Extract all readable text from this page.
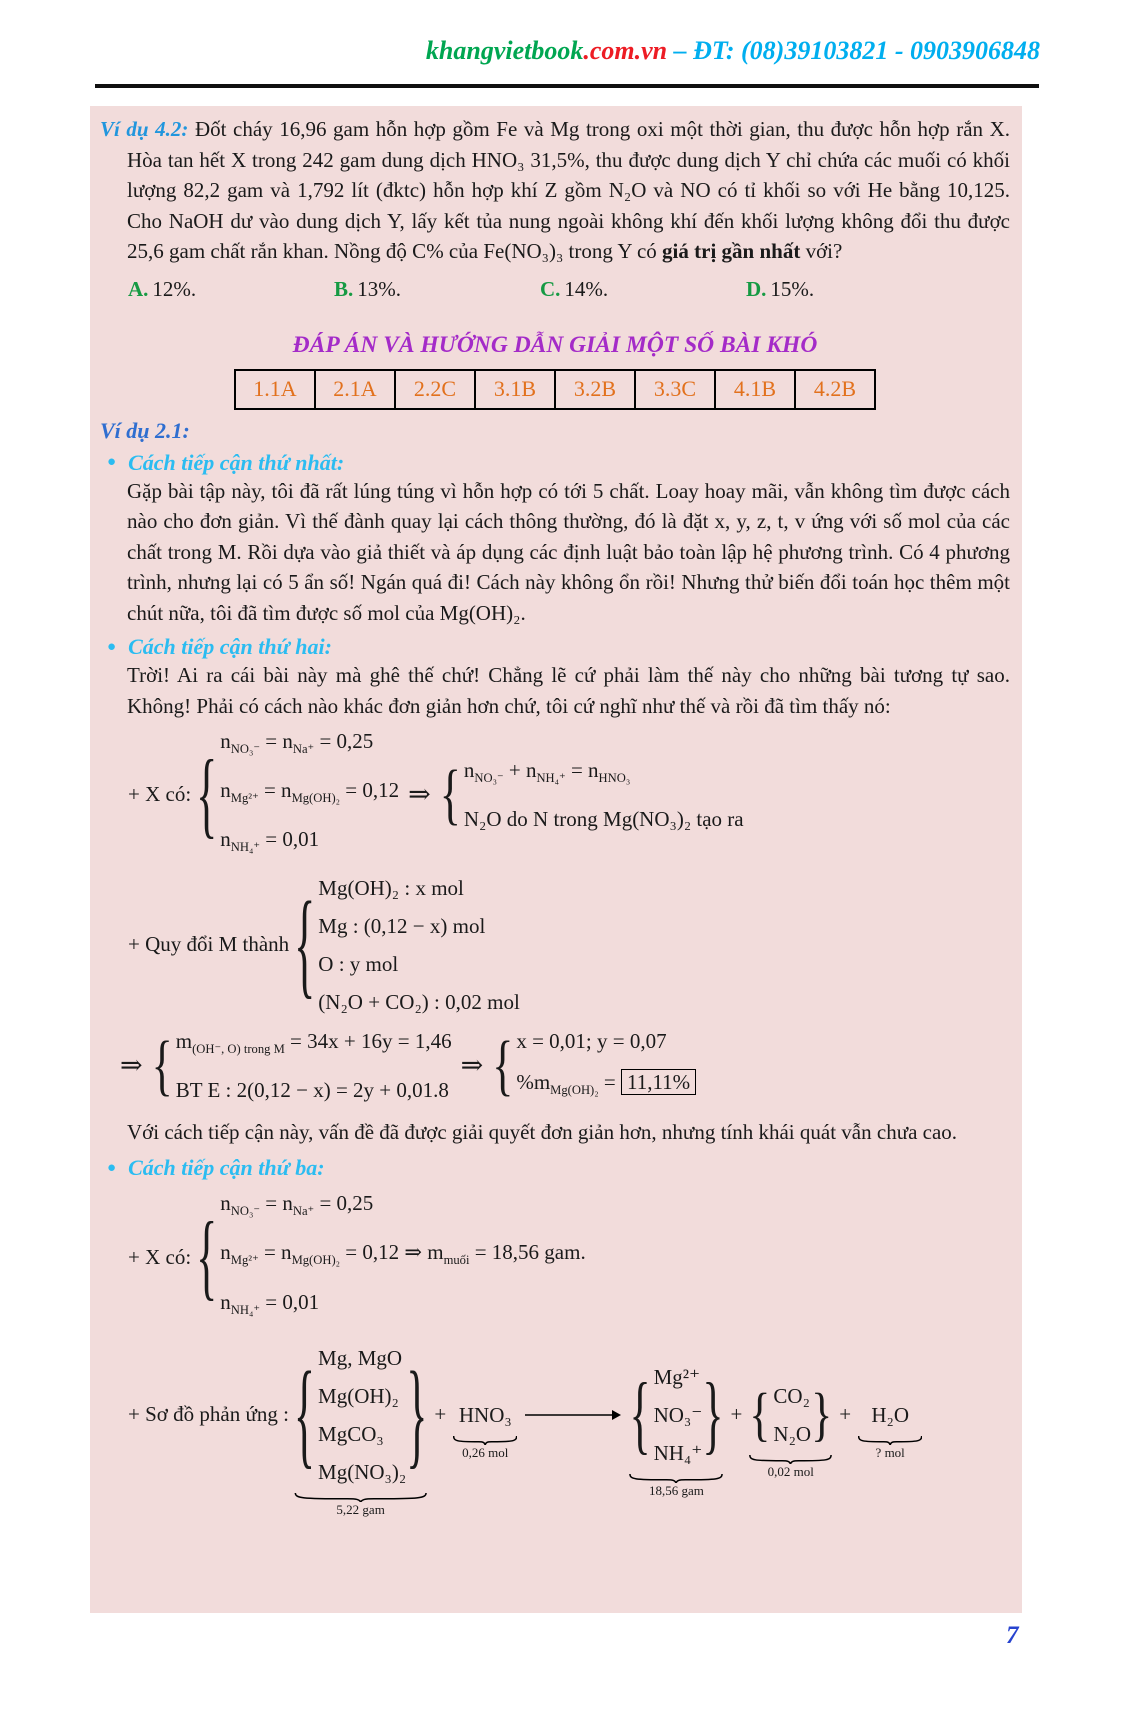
khangvietbook.com.vn – ĐT: (08)39103821 - 0903906848

Ví dụ 4.2: Đốt cháy 16,96 gam hỗn hợp gồm Fe và Mg trong oxi một thời gian, thu được hỗn hợp rắn X. Hòa tan hết X trong 242 gam dung dịch HNO₃ 31,5%, thu được dung dịch Y chỉ chứa các muối có khối lượng 82,2 gam và 1,792 lít (đktc) hỗn hợp khí Z gồm N₂O và NO có tỉ khối so với He bằng 10,125. Cho NaOH dư vào dung dịch Y, lấy kết tủa nung ngoài không khí đến khối lượng không đổi thu được 25,6 gam chất rắn khan. Nồng độ C% của Fe(NO₃)₃ trong Y có giá trị gần nhất với?

A. 12%.	B. 13%.	C. 14%.	D. 15%.
ĐÁP ÁN VÀ HƯỚNG DẪN GIẢI MỘT SỐ BÀI KHÓ
1.1A	2.1A	2.2C	3.1B	3.2B	3.3C	4.1B	4.2B
Ví dụ 2.1:
● Cách tiếp cận thứ nhất:

Gặp bài tập này, tôi đã rất lúng túng vì hỗn hợp có tới 5 chất. Loay hoay mãi, vẫn không tìm được cách nào cho đơn giản. Vì thế đành quay lại cách thông thường, đó là đặt x, y, z, t, v ứng với số mol của các chất trong M. Rồi dựa vào giả thiết và áp dụng các định luật bảo toàn lập hệ phương trình. Có 4 phương trình, nhưng lại có 5 ẩn số! Ngán quá đi! Cách này không ổn rồi! Nhưng thử biến đổi toán học thêm một chút nữa, tôi đã tìm được số mol của Mg(OH)₂.

● Cách tiếp cận thứ hai:

Trời! Ai ra cái bài này mà ghê thế chứ! Chẳng lẽ cứ phải làm thế này cho những bài tương tự sao. Không! Phải có cách nào khác đơn giản hơn chứ, tôi cứ nghĩ như thế và rồi đã tìm thấy nó:

+ X có: { $n_{NO_3^-} = n_{Na^+} = 0,25$
$n_{Mg^{2+}} = n_{Mg(OH)_2} = 0,12$
$n_{NH_4^+} = 0,01$
⇒ { $n_{NO_3^-} + n_{NH_4^+} = n_{HNO_3}$
N₂O do N trong Mg(NO₃)₂ tạo ra
+ Quy đổi M thành { Mg(OH)₂ : x mol
Mg : (0,12 − x) mol
O : y mol
(N₂O + CO₂) : 0,02 mol
⇒ { $m_{(OH^-, O) trong M} = 34x + 16y = 1,46$
BT E : 2(0,12 − x) = 2y + 0,01.8
⇒ { x = 0,01; y = 0,07
$\%m_{Mg(OH)_2} = 11,11\%$

Với cách tiếp cận này, vấn đề đã được giải quyết đơn giản hơn, nhưng tính khái quát vẫn chưa cao.

● Cách tiếp cận thứ ba:
+ X có: { $n_{NO_3^-} = n_{Na^+} = 0,25$
$n_{Mg^{2+}} = n_{Mg(OH)_2} = 0,12$ ⇒ $m_{muối} = 18,56$ gam.
$n_{NH_4^+} = 0,01$
+ Sơ đồ phản ứng : { Mg, MgO
Mg(OH)₂
MgCO₃
Mg(NO₃)₂ }
5,22 gam
+ HNO₃
0,26 mol	{ Mg²⁺
NO₃⁻
NH₄⁺ }
18,56 gam
+ { CO₂
N₂O }
0,02 mol
+ H₂O
? mol
7
